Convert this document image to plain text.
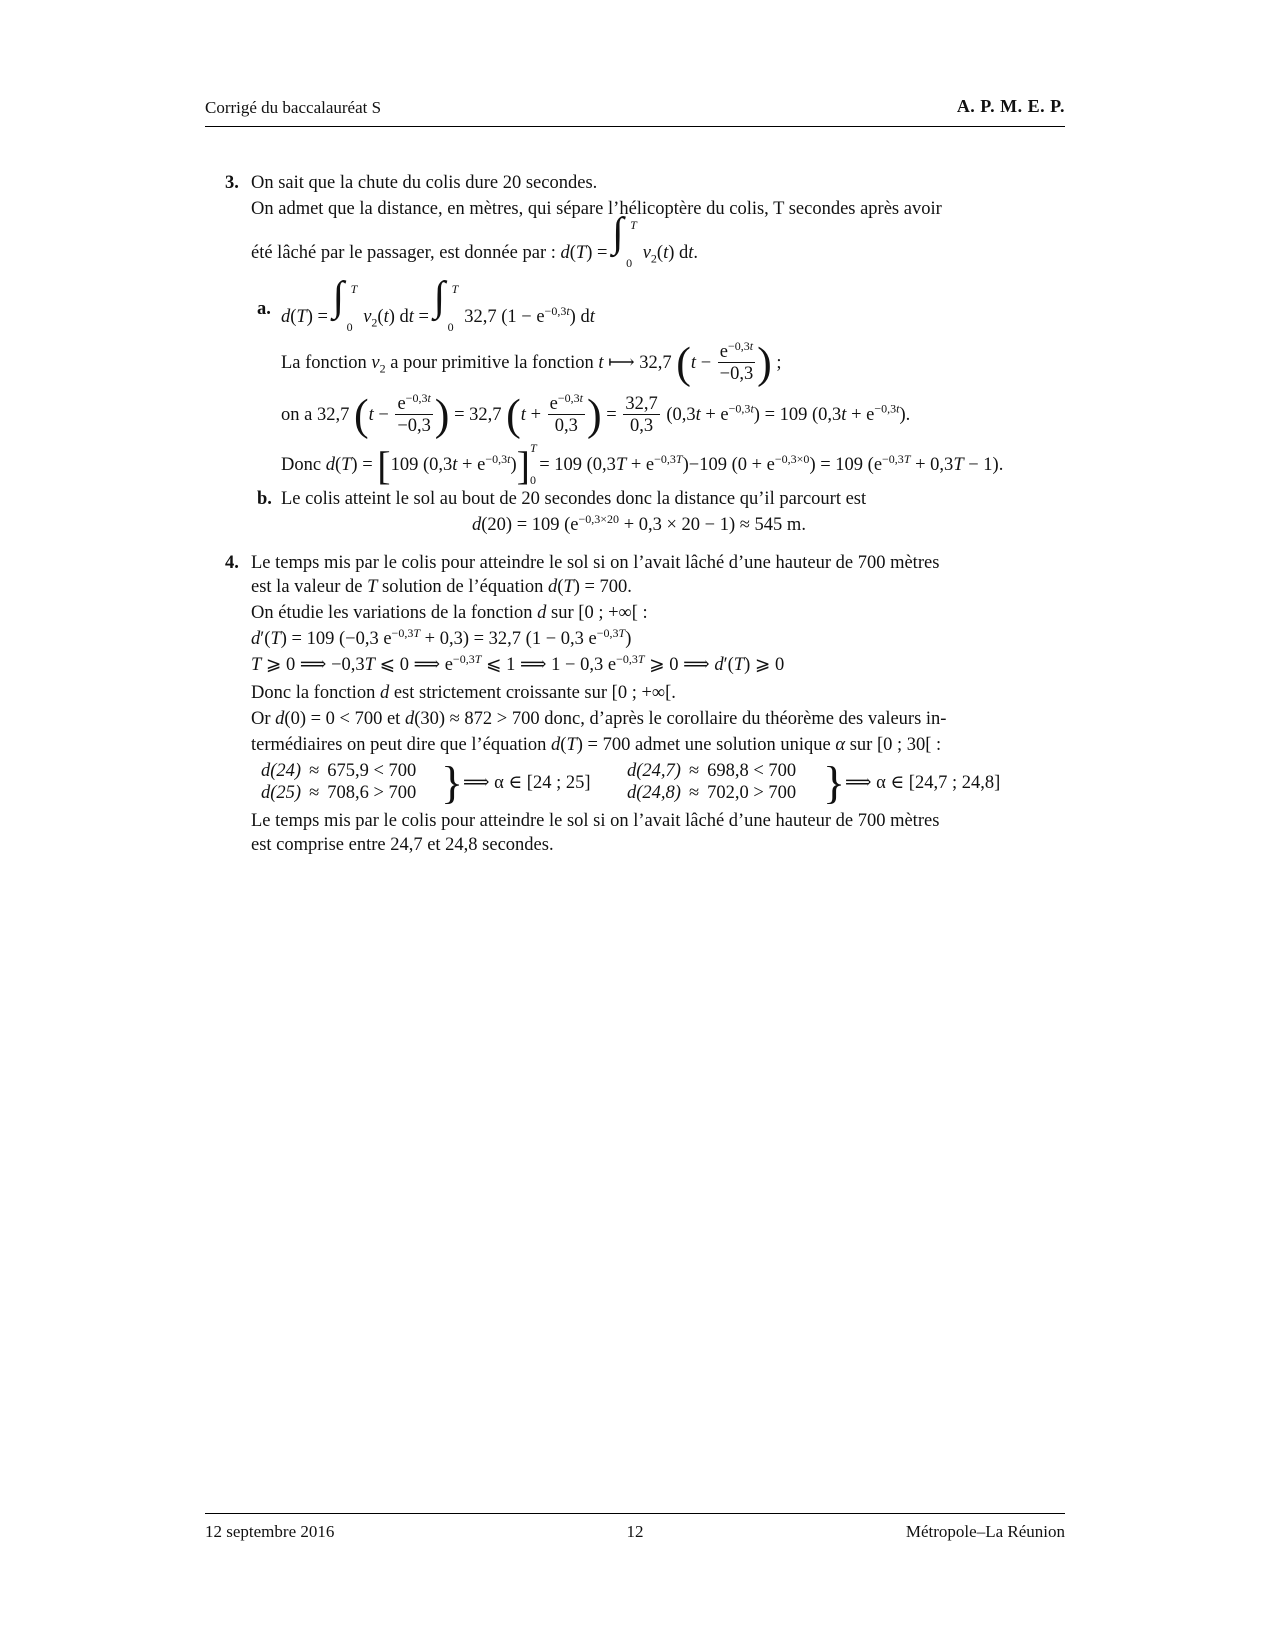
Corrigé du baccalauréat S	A. P. M. E. P.
3. On sait que la chute du colis dure 20 secondes.
On admet que la distance, en mètres, qui sépare l’hélicoptère du colis, T secondes après avoir
été lâché par le passager, est donnée par : d(T) = ∫ T
0 $v_2(t)$ dt.
a. d(T) = ∫ T
0 $v_2(t)$ dt = ∫ T
0 32,7 $(1 - e^{-0,3t})$ dt
La fonction $v_2$ a pour primitive la fonction t ⟼ 32,7 ($t - \frac{e^{-0,3t}}{-0,3}$ ) ;
on a 32,7 ($t - \frac{e^{-0,3t}}{-0,3}$ ) = 32,7 ($t + \frac{e^{-0,3t}}{0,3}$ ) = $\frac{32,7}{0,3} (0,3t + e^{-0,3t}) = 109$ $(0,3t + e^{-0,3t})$.
Donc d(T) = [109 $(0,3t + e^{-0,3t})$] T
0
= 109 $(0,3T + e^{-0,3T})-109$ $(0 + e^{-0,3\times 0}) = 109$ $(e^{-0,3T} + 0,3T - 1)$.
b. Le colis atteint le sol au bout de 20 secondes donc la distance qu’il parcourt est
d(20) = 109 $(e^{-0,3\times 20} + 0,3 \times 20 - 1) \approx 545$ m.
4. Le temps mis par le colis pour atteindre le sol si on l’avait lâché d’une hauteur de 700 mètres
est la valeur de T solution de l’équation d(T) = 700.
On étudie les variations de la fonction d sur [0 ; +∞[ :
d′(T) = 109 (−0,3 $e^{-0,3T} + 0,3) = 32,7$ (1 − 0,3 $e^{-0,3T}$)
T ⩾ 0 ⟹ −0,3T ⩽ 0 ⟹ $e^{-0,3T}$ ⩽ 1 ⟹ 1 − 0,3 $e^{-0,3T}$ ⩾ 0 ⟹ d′(T) ⩾ 0
Donc la fonction d est strictement croissante sur [0 ; +∞[.
Or d(0) = 0 < 700 et d(30) ≈ 872 > 700 donc, d’après le corollaire du théorème des valeurs in-
termédiaires on peut dire que l’équation d(T) = 700 admet une solution unique α sur [0 ; 30[ :
d(24)	≈	675,9 < 700
d(25)	≈	708,6 > 700 } ⟹ α ∈ [24 ; 25]
d(24,7)	≈	698,8 < 700
d(24,8)	≈	702,0 > 700 } ⟹ α ∈ [24,7 ; 24,8]
Le temps mis par le colis pour atteindre le sol si on l’avait lâché d’une hauteur de 700 mètres
est comprise entre 24,7 et 24,8 secondes.
12 septembre 2016	12	Métropole–La Réunion
